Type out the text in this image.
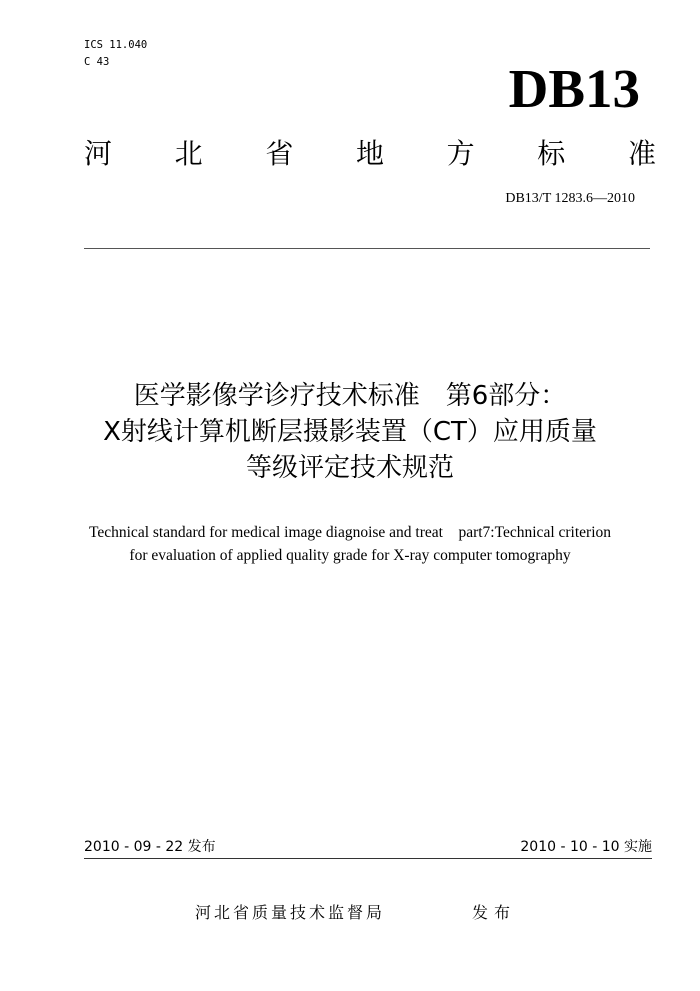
ICS 11.040
C 43	DB13
河 北 省 地 方 标 准
DB13/T 1283.6—2010
医学影像学诊疗技术标准　第6部分：
X射线计算机断层摄影装置（CT）应用质量
等级评定技术规范
Technical standard for medical image diagnoise and treat　part7:Technical criterion
for evaluation of applied quality grade for X-ray computer tomography
2010 - 09 - 22 发布	2010 - 10 - 10 实施
河北省质量技术监督局	发布
